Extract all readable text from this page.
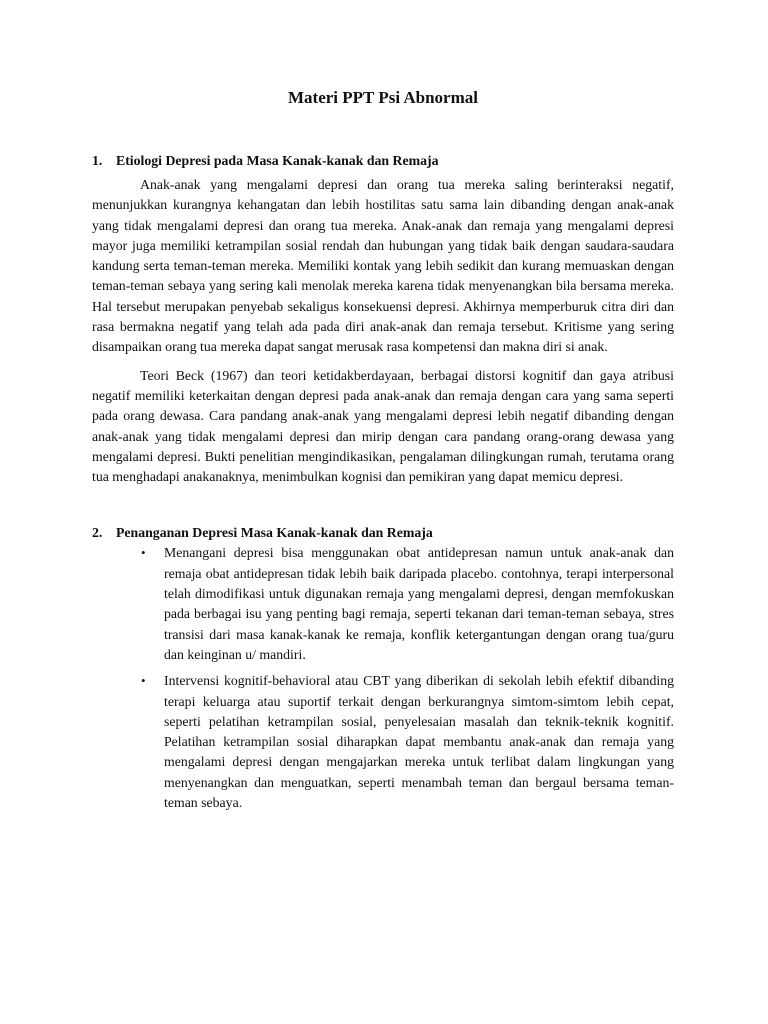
Materi PPT Psi Abnormal
1. Etiologi Depresi pada Masa Kanak-kanak dan Remaja

Anak-anak yang mengalami depresi dan orang tua mereka saling berinteraksi negatif, menunjukkan kurangnya kehangatan dan lebih hostilitas satu sama lain dibanding dengan anak-anak yang tidak mengalami depresi dan orang tua mereka. Anak-anak dan remaja yang mengalami depresi mayor juga memiliki ketrampilan sosial rendah dan hubungan yang tidak baik dengan saudara-saudara kandung serta teman-teman mereka. Memiliki kontak yang lebih sedikit dan kurang memuaskan dengan teman-teman sebaya yang sering kali menolak mereka karena tidak menyenangkan bila bersama mereka. Hal tersebut merupakan penyebab sekaligus konsekuensi depresi. Akhirnya memperburuk citra diri dan rasa bermakna negatif yang telah ada pada diri anak-anak dan remaja tersebut. Kritisme yang sering disampaikan orang tua mereka dapat sangat merusak rasa kompetensi dan makna diri si anak.

Teori Beck (1967) dan teori ketidakberdayaan, berbagai distorsi kognitif dan gaya atribusi negatif memiliki keterkaitan dengan depresi pada anak-anak dan remaja dengan cara yang sama seperti pada orang dewasa. Cara pandang anak-anak yang mengalami depresi lebih negatif dibanding dengan anak-anak yang tidak mengalami depresi dan mirip dengan cara pandang orang-orang dewasa yang mengalami depresi. Bukti penelitian mengindikasikan, pengalaman dilingkungan rumah, terutama orang tua menghadapi anakanaknya, menimbulkan kognisi dan pemikiran yang dapat memicu depresi.

2. Penanganan Depresi Masa Kanak-kanak dan Remaja
• Menangani depresi bisa menggunakan obat antidepresan namun untuk anak-anak dan remaja obat antidepresan tidak lebih baik daripada placebo. contohnya, terapi interpersonal telah dimodifikasi untuk digunakan remaja yang mengalami depresi, dengan memfokuskan pada berbagai isu yang penting bagi remaja, seperti tekanan dari teman-teman sebaya, stres transisi dari masa kanak-kanak ke remaja, konflik ketergantungan dengan orang tua/guru dan keinginan u/ mandiri.
• Intervensi kognitif-behavioral atau CBT yang diberikan di sekolah lebih efektif dibanding terapi keluarga atau suportif terkait dengan berkurangnya simtom-simtom lebih cepat, seperti pelatihan ketrampilan sosial, penyelesaian masalah dan teknik-teknik kognitif. Pelatihan ketrampilan sosial diharapkan dapat membantu anak-anak dan remaja yang mengalami depresi dengan mengajarkan mereka untuk terlibat dalam lingkungan yang menyenangkan dan menguatkan, seperti menambah teman dan bergaul bersama teman-teman sebaya.
